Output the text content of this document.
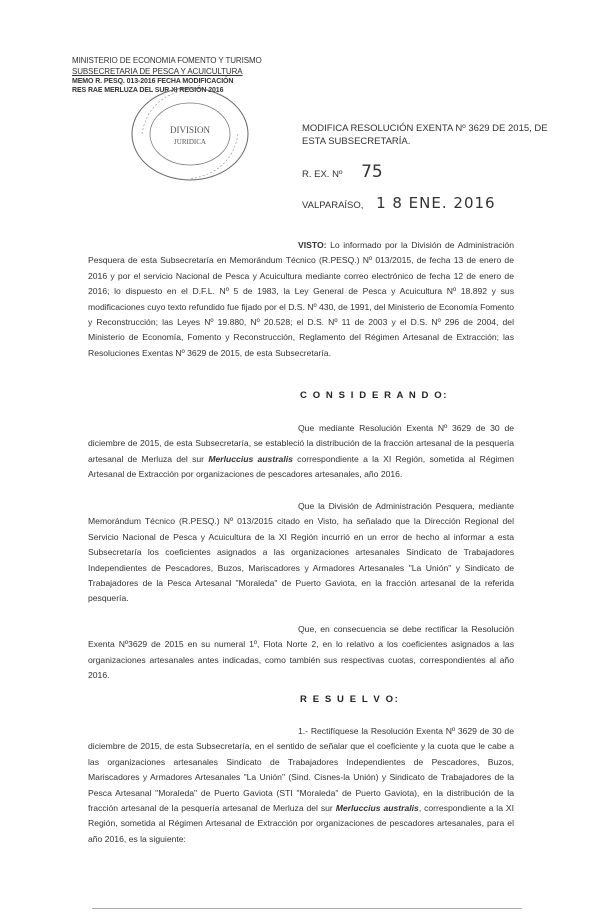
MINISTERIO DE ECONOMIA FOMENTO Y TURISMO
SUBSECRETARIA DE PESCA Y ACUICULTURA
MEMO R. PESQ. 013-2016 FECHA MODIFICACIÓN
RES RAE MERLUZA DEL SUR XI REGIÓN 2016
DIVISION
JURIDICA
MODIFICA RESOLUCIÓN EXENTA Nº 3629 DE 2015, DE
ESTA SUBSECRETARÍA.
R. EX. Nº 75
VALPARAÍSO, 1 8 ENE. 2016
VISTO: Lo informado por la División de Administración Pesquera de esta Subsecretaría en Memorándum Técnico (R.PESQ.) Nº 013/2015, de fecha 13 de enero de 2016 y por el servicio Nacional de Pesca y Acuicultura mediante correo electrónico de fecha 12 de enero de 2016; lo dispuesto en el D.F.L. Nº 5 de 1983, la Ley General de Pesca y Acuicultura Nº 18.892 y sus modificaciones cuyo texto refundido fue fijado por el D.S. Nº 430, de 1991, del Ministerio de Economía Fomento y Reconstrucción; las Leyes Nº 19.880, Nº 20.528; el D.S. Nº 11 de 2003 y el D.S. Nº 296 de 2004, del Ministerio de Economía, Fomento y Reconstrucción, Reglamento del Régimen Artesanal de Extracción; las Resoluciones Exentas Nº 3629 de 2015, de esta Subsecretaría.
C O N S I D E R A N D O:
Que mediante Resolución Exenta Nº 3629 de 30 de diciembre de 2015, de esta Subsecretaría, se estableció la distribución de la fracción artesanal de la pesquería artesanal de Merluza del sur Merluccius australis correspondiente a la XI Región, sometida al Régimen Artesanal de Extracción por organizaciones de pescadores artesanales, año 2016.
Que la División de Administración Pesquera, mediante Memorándum Técnico (R.PESQ.) Nº 013/2015 citado en Visto, ha señalado que la Dirección Regional del Servicio Nacional de Pesca y Acuicultura de la XI Región incurrió en un error de hecho al informar a esta Subsecretaría los coeficientes asignados a las organizaciones artesanales Sindicato de Trabajadores Independientes de Pescadores, Buzos, Mariscadores y Armadores Artesanales "La Unión" y Sindicato de Trabajadores de la Pesca Artesanal "Moraleda" de Puerto Gaviota, en la fracción artesanal de la referida pesquería.
Que, en consecuencia se debe rectificar la Resolución Exenta Nº3629 de 2015 en su numeral 1º, Flota Norte 2, en lo relativo a los coeficientes asignados a las organizaciones artesanales antes indicadas, como también sus respectivas cuotas, correspondientes al año 2016.
R E S U E L V O:
1.- Rectifíquese la Resolución Exenta Nº 3629 de 30 de diciembre de 2015, de esta Subsecretaría, en el sentido de señalar que el coeficiente y la cuota que le cabe a las organizaciones artesanales Sindicato de Trabajadores Independientes de Pescadores, Buzos, Mariscadores y Armadores Artesanales "La Unión" (Sind. Cisnes-la Unión) y Sindicato de Trabajadores de la Pesca Artesanal "Moraleda" de Puerto Gaviota (STI "Moraleda" de Puerto Gaviota), en la distribución de la fracción artesanal de la pesquería artesanal de Merluza del sur Merluccius australis, correspondiente a la XI Región, sometida al Régimen Artesanal de Extracción por organizaciones de pescadores artesanales, para el año 2016, es la siguiente:
